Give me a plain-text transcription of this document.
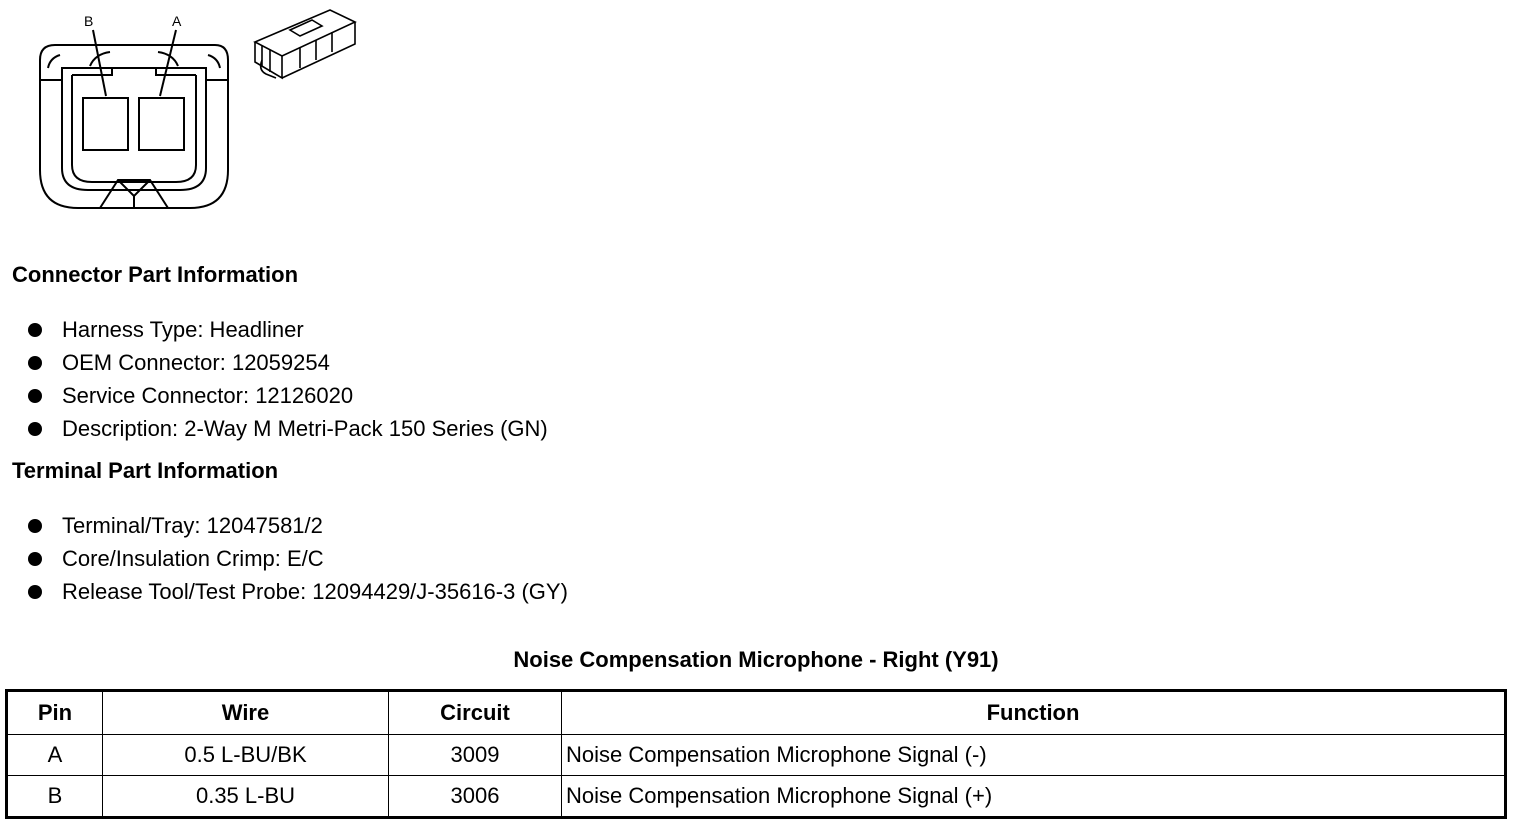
B	A
Connector Part Information
Harness Type: Headliner
OEM Connector: 12059254
Service Connector: 12126020
Description: 2-Way M Metri-Pack 150 Series (GN)
Terminal Part Information
Terminal/Tray: 12047581/2
Core/Insulation Crimp: E/C
Release Tool/Test Probe: 12094429/J-35616-3 (GY)
Noise Compensation Microphone - Right (Y91)
Pin	Wire	Circuit	Function
A	0.5 L-BU/BK	3009	Noise Compensation Microphone Signal (-)
B	0.35 L-BU	3006	Noise Compensation Microphone Signal (+)
